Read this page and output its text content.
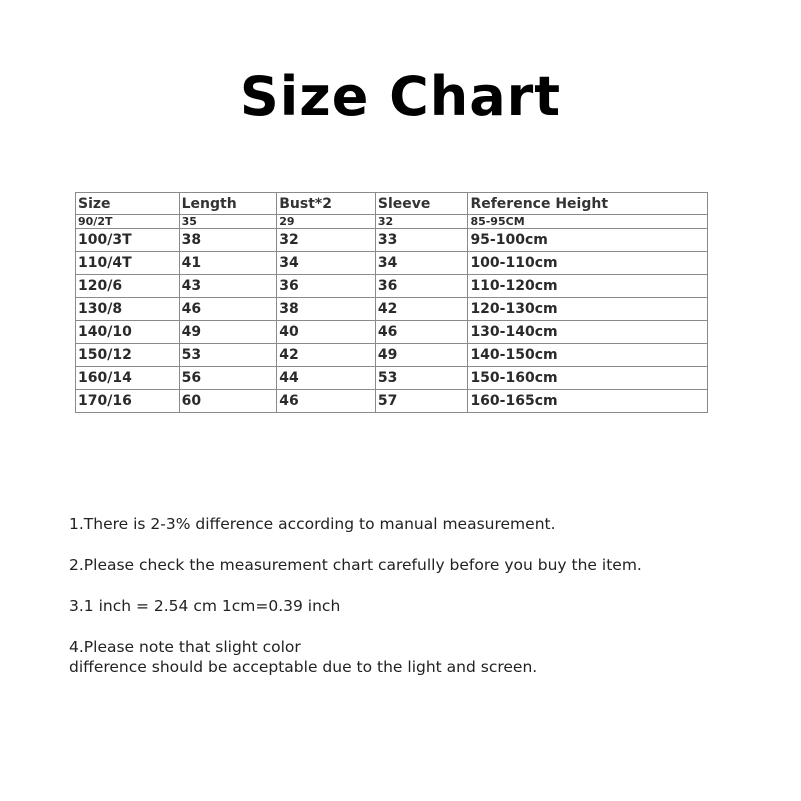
Size Chart
Size	Length	Bust*2	Sleeve	Reference Height
90/2T	35	29	32	85-95CM
100/3T	38	32	33	95-100cm
110/4T	41	34	34	100-110cm
120/6	43	36	36	110-120cm
130/8	46	38	42	120-130cm
140/10	49	40	46	130-140cm
150/12	53	42	49	140-150cm
160/14	56	44	53	150-160cm
170/16	60	46	57	160-165cm

1.There is 2-3% difference according to manual measurement.

2.Please check the measurement chart carefully before you buy the item.

3.1 inch = 2.54 cm 1cm=0.39 inch

4.Please note that slight color
difference should be acceptable due to the light and screen.
